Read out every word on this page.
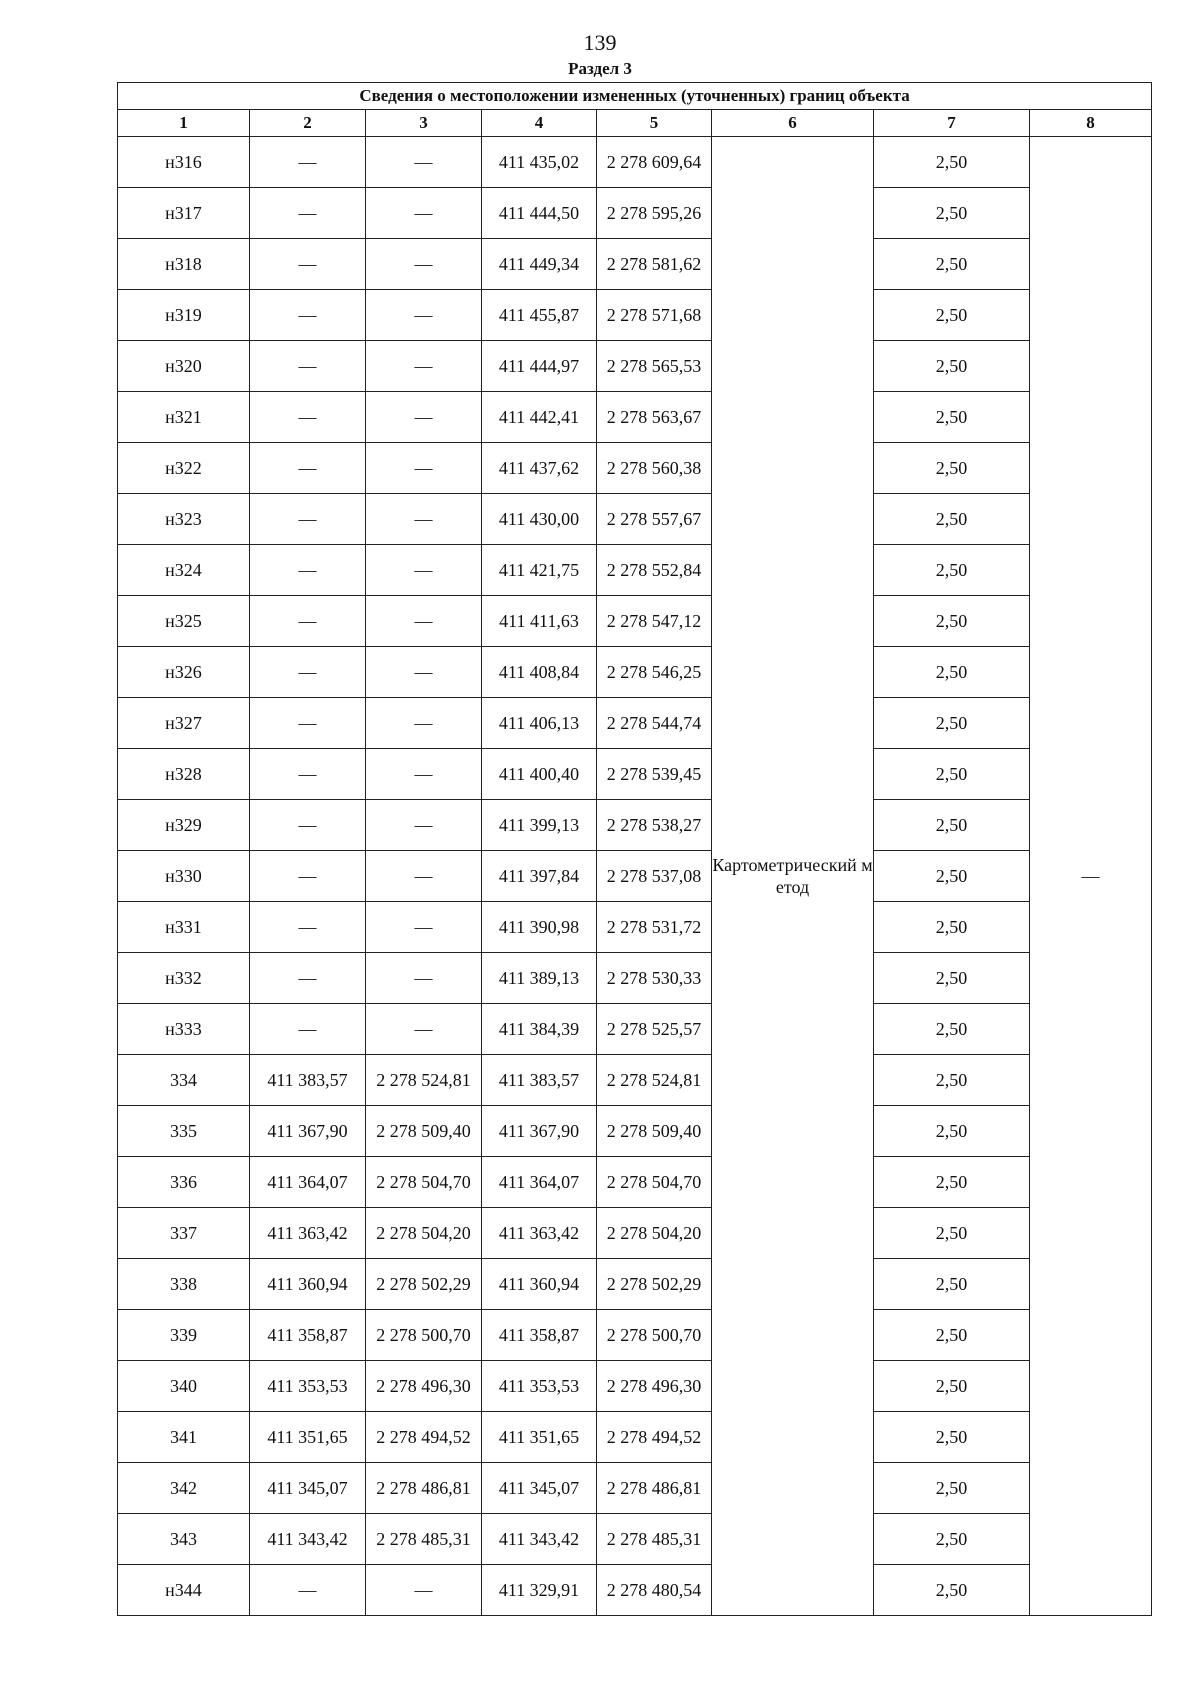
139
Раздел 3
Сведения о местоположении измененных (уточненных) границ объекта							
1	2	3	4	5	6	7	8
н316	—	—	411 435,02	2 278 609,64	Картометрический метод	2,50	—
н317	—	—	411 444,50	2 278 595,26		2,50	
н318	—	—	411 449,34	2 278 581,62		2,50	
н319	—	—	411 455,87	2 278 571,68		2,50	
н320	—	—	411 444,97	2 278 565,53		2,50	
н321	—	—	411 442,41	2 278 563,67		2,50	
н322	—	—	411 437,62	2 278 560,38		2,50	
н323	—	—	411 430,00	2 278 557,67		2,50	
н324	—	—	411 421,75	2 278 552,84		2,50	
н325	—	—	411 411,63	2 278 547,12		2,50	
н326	—	—	411 408,84	2 278 546,25		2,50	
н327	—	—	411 406,13	2 278 544,74		2,50	
н328	—	—	411 400,40	2 278 539,45		2,50	
н329	—	—	411 399,13	2 278 538,27		2,50	
н330	—	—	411 397,84	2 278 537,08		2,50	
н331	—	—	411 390,98	2 278 531,72		2,50	
н332	—	—	411 389,13	2 278 530,33		2,50	
н333	—	—	411 384,39	2 278 525,57		2,50	
334	411 383,57	2 278 524,81	411 383,57	2 278 524,81		2,50	
335	411 367,90	2 278 509,40	411 367,90	2 278 509,40		2,50	
336	411 364,07	2 278 504,70	411 364,07	2 278 504,70		2,50	
337	411 363,42	2 278 504,20	411 363,42	2 278 504,20		2,50	
338	411 360,94	2 278 502,29	411 360,94	2 278 502,29		2,50	
339	411 358,87	2 278 500,70	411 358,87	2 278 500,70		2,50	
340	411 353,53	2 278 496,30	411 353,53	2 278 496,30		2,50	
341	411 351,65	2 278 494,52	411 351,65	2 278 494,52		2,50	
342	411 345,07	2 278 486,81	411 345,07	2 278 486,81		2,50	
343	411 343,42	2 278 485,31	411 343,42	2 278 485,31		2,50	
н344	—	—	411 329,91	2 278 480,54		2,50	
